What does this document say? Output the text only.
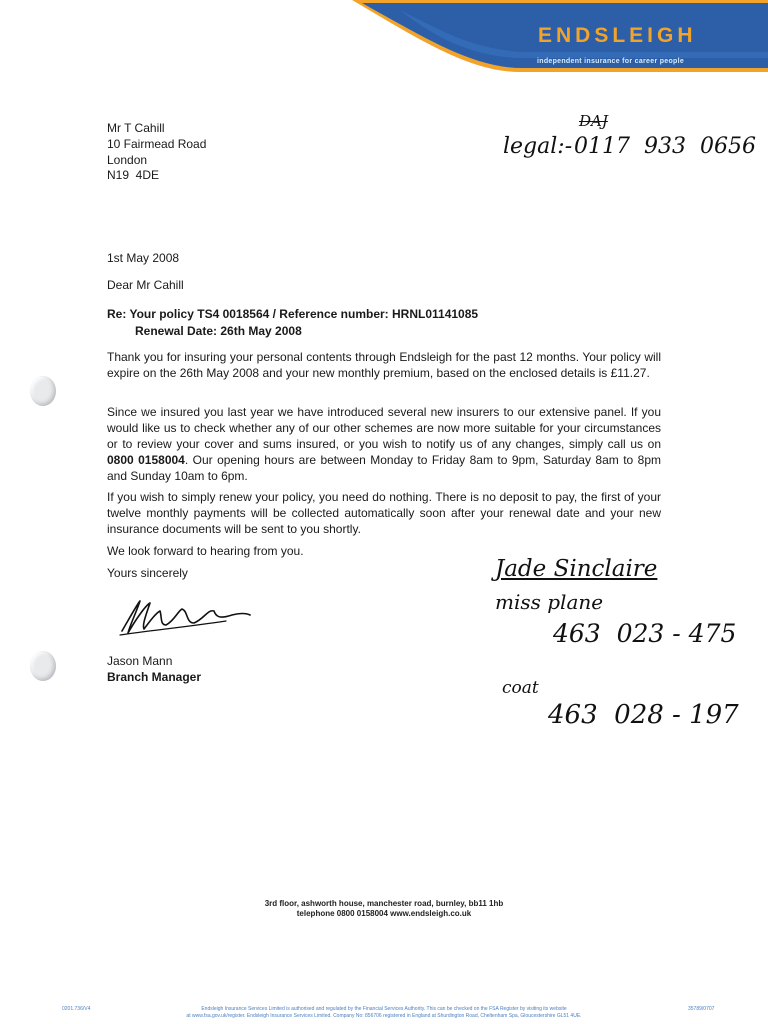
ENDSLEIGH
independent insurance for career people
Mr T Cahill
10 Fairmead Road
London
N19  4DE
DAJ
legal:- 0117  933  0656
1st May 2008
Dear Mr Cahill
Re: Your policy TS4 0018564 / Reference number: HRNL01141085
Renewal Date: 26th May 2008
Thank you for insuring your personal contents through Endsleigh for the past 12 months. Your policy will expire on the 26th May 2008 and your new monthly premium, based on the enclosed details is £11.27.
Since we insured you last year we have introduced several new insurers to our extensive panel. If you would like us to check whether any of our other schemes are now more suitable for your circumstances or to review your cover and sums insured, or you wish to notify us of any changes, simply call us on 0800 0158004. Our opening hours are between Monday to Friday 8am to 9pm, Saturday 8am to 8pm and Sunday 10am to 6pm.
If you wish to simply renew your policy, you need do nothing. There is no deposit to pay, the first of your twelve monthly payments will be collected automatically soon after your renewal date and your new insurance documents will be sent to you shortly.
We look forward to hearing from you.
Yours sincerely
Jason Mann
Branch Manager
Jade Sinclaire
miss plane
463  023 - 475
coat
463  028 - 197
3rd floor, ashworth house, manchester road, burnley, bb11 1hb
telephone 0800 0158004 www.endsleigh.co.uk
0201.736/V4	Endsleigh Insurance Services Limited is authorised and regulated by the Financial Services Authority. This can be checked on the FSA Register by visiting its website
at www.fsa.gov.uk/register. Endsleigh Insurance Services Limited. Company No: 856706 registered in England at Shurdington Road, Cheltenham Spa, Gloucestershire GL51 4UE.
35789/0707
